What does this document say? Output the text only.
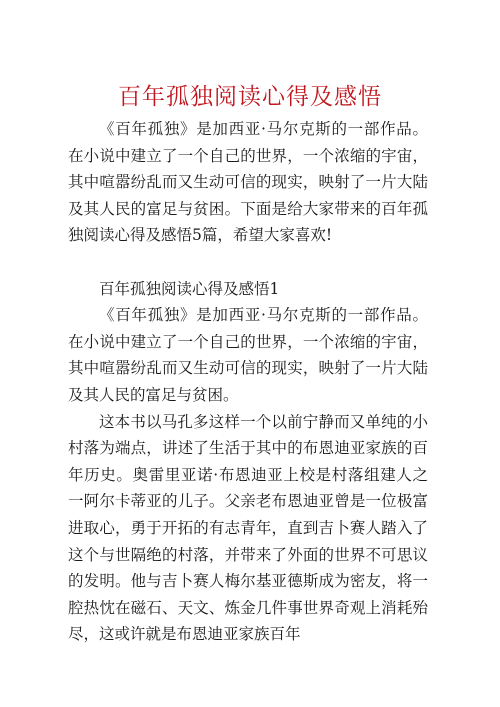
百年孤独阅读心得及感悟

《百年孤独》是加西亚·马尔克斯的一部作品。在小说中建立了一个自己的世界，一个浓缩的宇宙，其中喧嚣纷乱而又生动可信的现实，映射了一片大陆及其人民的富足与贫困。下面是给大家带来的百年孤独阅读心得及感悟5篇，希望大家喜欢!

百年孤独阅读心得及感悟1

《百年孤独》是加西亚·马尔克斯的一部作品。在小说中建立了一个自己的世界，一个浓缩的宇宙，其中喧嚣纷乱而又生动可信的现实，映射了一片大陆及其人民的富足与贫困。

这本书以马孔多这样一个以前宁静而又单纯的小村落为端点，讲述了生活于其中的布恩迪亚家族的百年历史。奥雷里亚诺·布恩迪亚上校是村落组建人之一阿尔卡蒂亚的儿子。父亲老布恩迪亚曾是一位极富进取心，勇于开拓的有志青年，直到吉卜赛人踏入了这个与世隔绝的村落，并带来了外面的世界不可思议的发明。他与吉卜赛人梅尔基亚德斯成为密友，将一腔热忱在磁石、天文、炼金几件事世界奇观上消耗殆尽，这或许就是布恩迪亚家族百年
